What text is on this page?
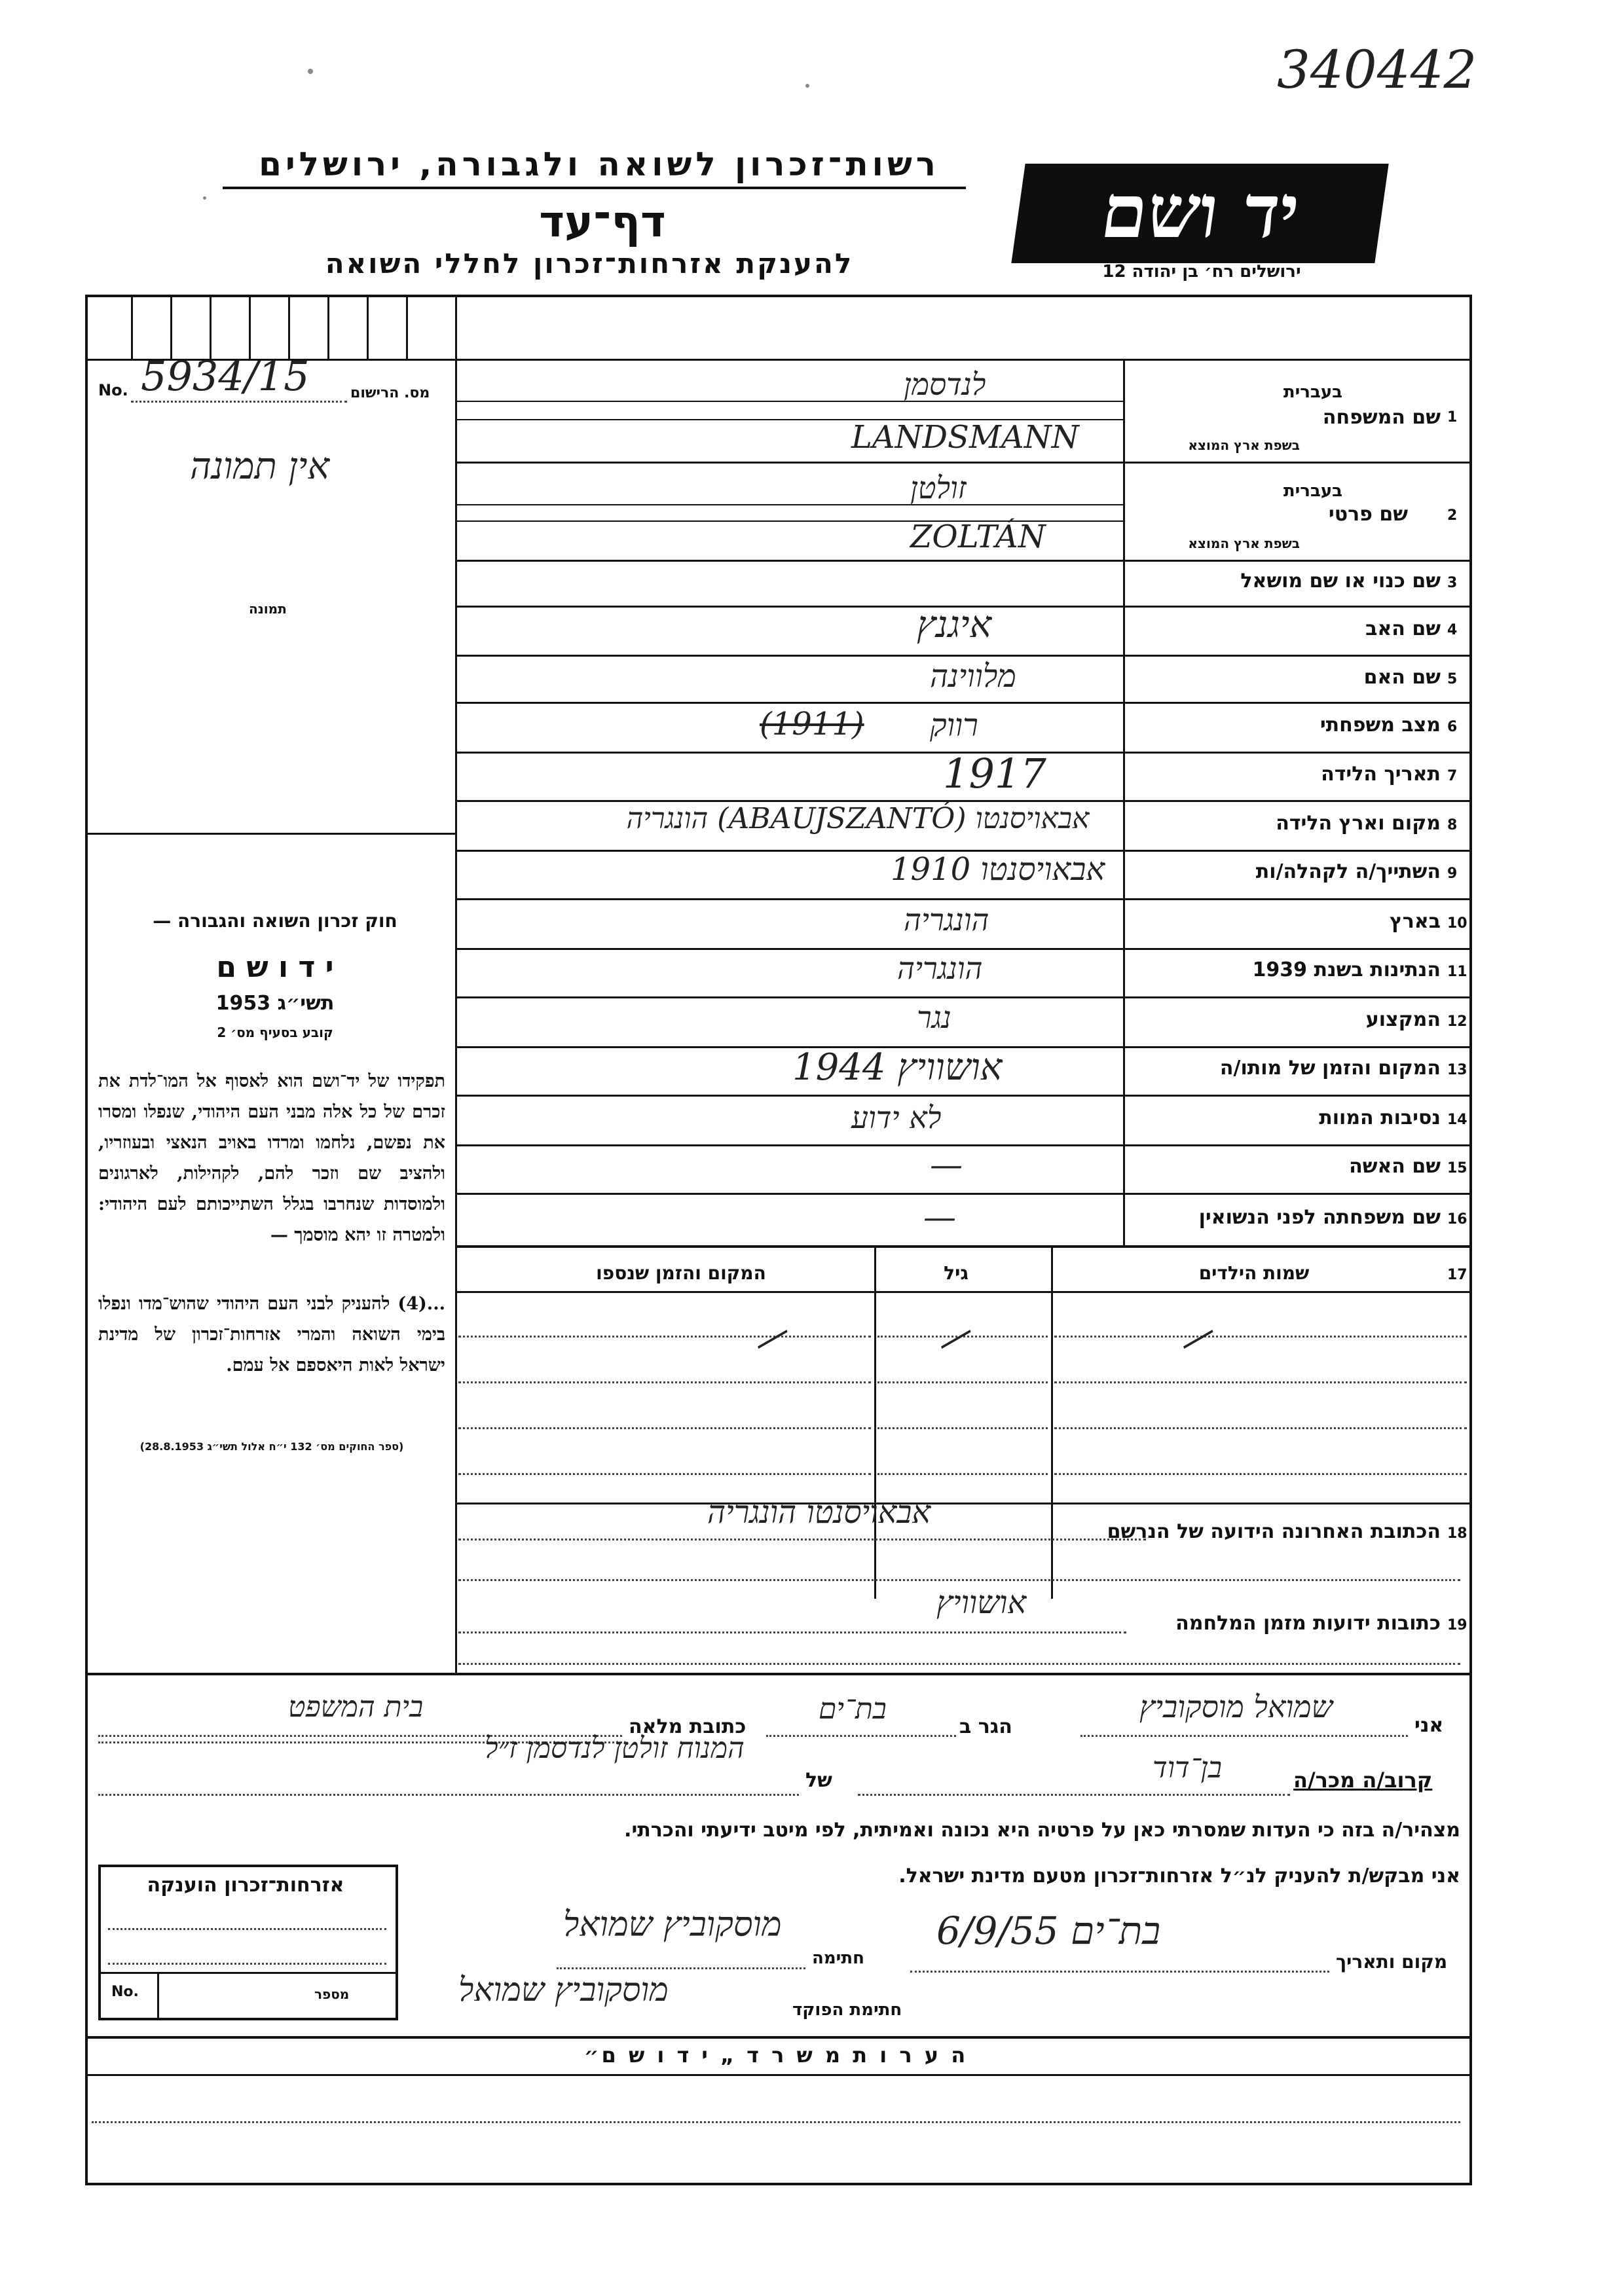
340442
רשות־זכרון לשואה ולגבורה, ירושלים
דף־עד
להענקת אזרחות־זכרון לחללי השואה
יד ושם
ירושלים רח׳ בן יהודה 12
No. 5934/15	מס. הרישום
אין תמונה
תמונה
חוק זכרון השואה והגבורה —
י ד ו ש ם
תשי״ג 1953
קובע בסעיף מס׳ 2
תפקידו של יד־ושם הוא לאסוף אל המו־לדת את זכרם של כל אלה מבני העם היהודי, שנפלו ומסרו את נפשם, נלחמו ומרדו באויב הנאצי ובעוזריו, ולהציב שם וזכר להם, לקהילות, לארגונים ולמוסדות שנחרבו בגלל השתייכותם לעם היהודי: ולמטרה זו יהא מוסמך —
...(4) להעניק לבני העם היהודי שהוש־מדו ונפלו בימי השואה והמרי אזרחות־זכרון של מדינת ישראל לאות היאספם אל עמם.
(ספר החוקים מס׳ 132 י״ח אלול תשי״ג 28.8.1953)
1
שם המשפחה
בעברית
בשפת ארץ המוצא
לנדסמן
LANDSMANN
2
שם פרטי
בעברית
בשפת ארץ המוצא
זולטן
ZOLTÁN
3
שם כנוי או שם מושאל
4
שם האב
איגנץ
5
שם האם
מלווינה
6
מצב משפחתי
רווק
(1911)
7
תאריך הלידה
1917
8
מקום וארץ הלידה
אבאויסנטו (ABAUJSZANTÓ) הונגריה
9
השתייך/ה לקהלה/ות
אבאויסנטו 1910
10
בארץ
הונגריה
11
הנתינות בשנת 1939
הונגריה
12
המקצוע
נגר
13
המקום והזמן של מותו/ה
אושוויץ 1944
14
נסיבות המוות
לא ידוע
15
שם האשה
—
16
שם משפחתה לפני הנשואין
—
17
שמות הילדים
גיל
המקום והזמן שנספו
—	—	—
18
הכתובת האחרונה הידועה של הנרשם
אבאויסנטו הונגריה
19
כתובות ידועות מזמן המלחמה
אושוויץ
אני
שמואל מוסקוביץ
הגר ב
בת־ים
כתובת מלאה
בית המשפט
קרוב/ה מכר/ה
בן־דוד
של
המנוח זולטן לנדסמן ז״ל
מצהיר/ה בזה כי העדות שמסרתי כאן על פרטיה היא נכונה ואמיתית, לפי מיטב ידיעתי והכרתי.
אני מבקש/ת להעניק לנ״ל אזרחות־זכרון מטעם מדינת ישראל.
מקום ותאריך
בת־ים 6/9/55
חתימה
מוסקוביץ שמואל
חתימת הפוקד
מוסקוביץ שמואל
אזרחות־זכרון הוענקה
No.	מספר
ה ע ר ו ת מ ש ר ד „ י ד ו ש ם״
